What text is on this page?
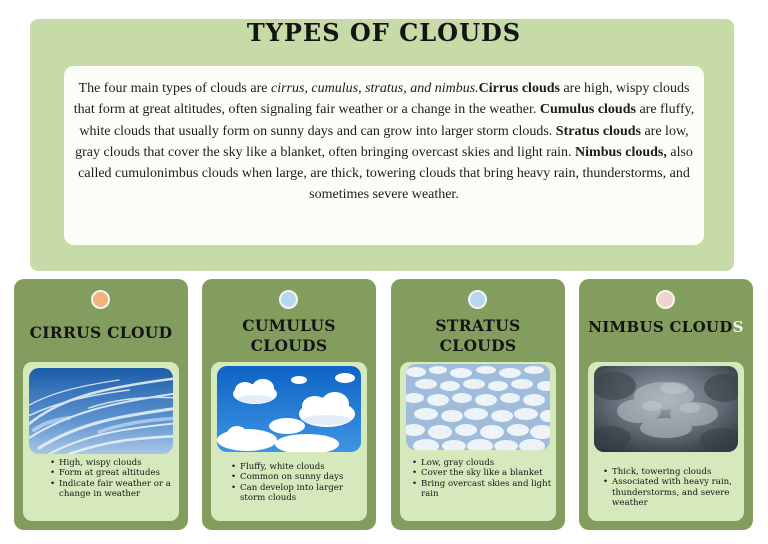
TYPES OF CLOUDS

The four main types of clouds are cirrus, cumulus, stratus, and nimbus.Cirrus clouds are high, wispy clouds that form at great altitudes, often signaling fair weather or a change in the weather. Cumulus clouds are fluffy, white clouds that usually form on sunny days and can grow into larger storm clouds. Stratus clouds are low, gray clouds that cover the sky like a blanket, often bringing overcast skies and light rain. Nimbus clouds, also called cumulonimbus clouds when large, are thick, towering clouds that bring heavy rain, thunderstorms, and sometimes severe weather.

CIRRUS CLOUD
• High, wispy clouds
• Form at great altitudes
• Indicate fair weather or a change in weather
CUMULUS
CLOUDS
• Fluffy, white clouds
• Common on sunny days
• Can develop into larger storm clouds
STRATUS
CLOUDS
• Low, gray clouds
• Cover the sky like a blanket
• Bring overcast skies and light rain
NIMBUS CLOUDS
• Thick, towering clouds
• Associated with heavy rain, thunderstorms, and severe weather
